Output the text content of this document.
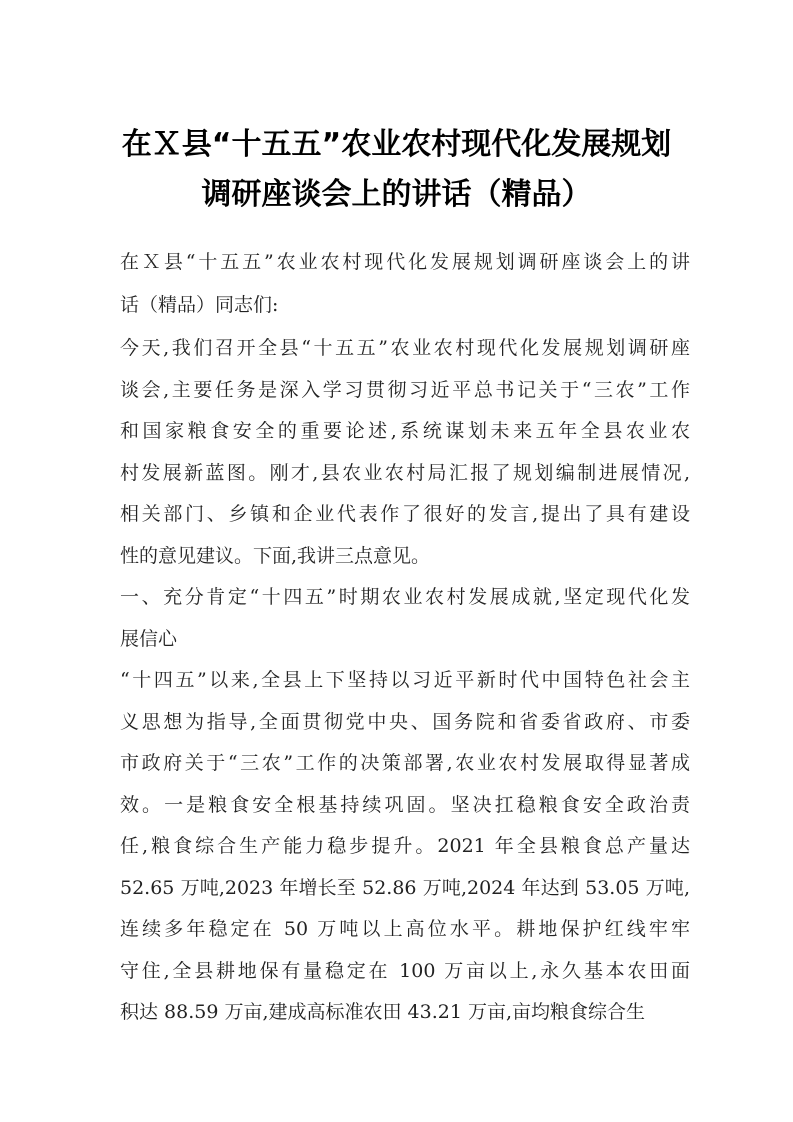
在Ｘ县“十五五”农业农村现代化发展规划
调研座谈会上的讲话（精品）
在Ｘ县“十五五”农业农村现代化发展规划调研座谈会上的讲
话（精品）同志们:
今天,我们召开全县“十五五”农业农村现代化发展规划调研座
谈会,主要任务是深入学习贯彻习近平总书记关于“三农”工作
和国家粮食安全的重要论述,系统谋划未来五年全县农业农
村发展新蓝图。刚才,县农业农村局汇报了规划编制进展情况,
相关部门、乡镇和企业代表作了很好的发言,提出了具有建设
性的意见建议。下面,我讲三点意见。
一、充分肯定“十四五”时期农业农村发展成就,坚定现代化发
展信心
“十四五”以来,全县上下坚持以习近平新时代中国特色社会主
义思想为指导,全面贯彻党中央、国务院和省委省政府、市委
市政府关于“三农”工作的决策部署,农业农村发展取得显著成
效。一是粮食安全根基持续巩固。坚决扛稳粮食安全政治责
任,粮食综合生产能力稳步提升。2021 年全县粮食总产量达
52.65 万吨,2023 年增长至 52.86 万吨,2024 年达到 53.05 万吨,
连续多年稳定在 50 万吨以上高位水平。耕地保护红线牢牢
守住,全县耕地保有量稳定在 100 万亩以上,永久基本农田面
积达 88.59 万亩,建成高标准农田 43.21 万亩,亩均粮食综合生
